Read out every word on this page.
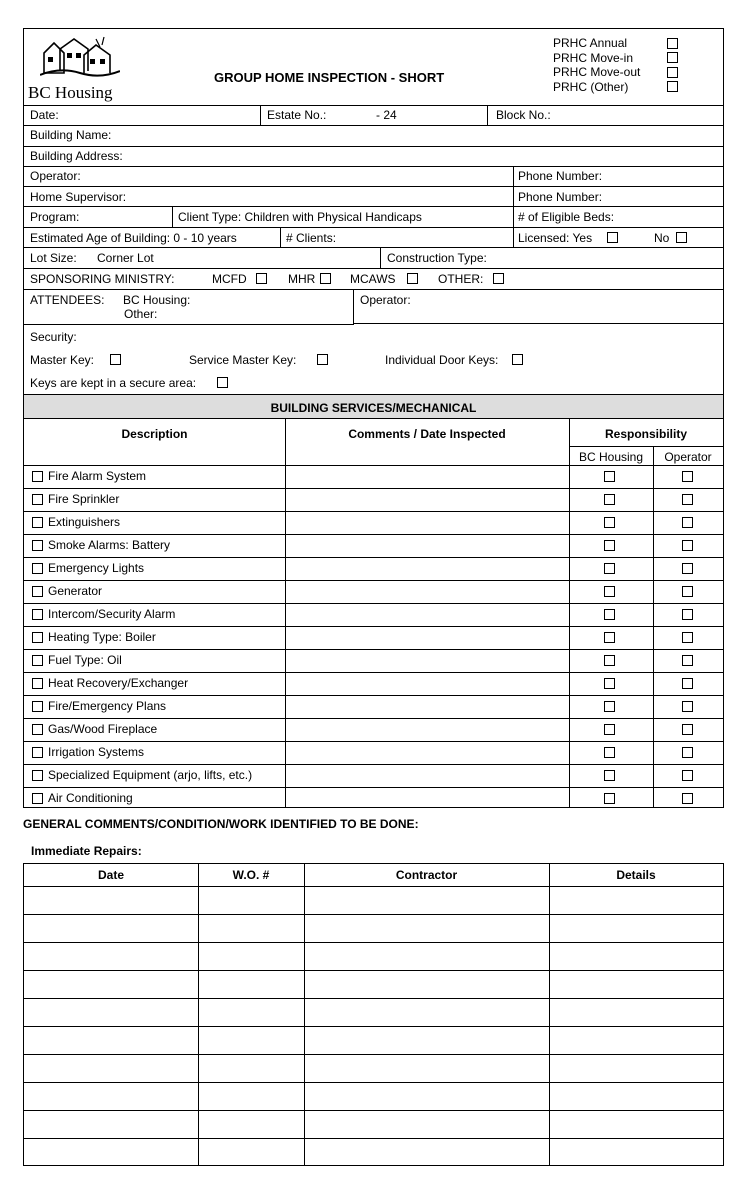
BC Housing
GROUP HOME INSPECTION - SHORT
PRHC Annual
PRHC Move-in
PRHC Move-out
PRHC (Other)
Date:	Estate No.:	- 24	Block No.:
Building Name:
Building Address:
Operator:	Phone Number:
Home Supervisor:	Phone Number:
Program:	Client Type: Children with Physical Handicaps	# of Eligible Beds:
Estimated Age of Building: 0 - 10 years	# Clients:	Licensed: Yes	No
Lot Size: Corner Lot	Construction Type:
SPONSORING MINISTRY:	MCFD	MHR	MCAWS	OTHER:
ATTENDEES: BC Housing:
Other:
Operator:
Security:
Master Key:	Service Master Key:	Individual Door Keys:
Keys are kept in a secure area:
BUILDING SERVICES/MECHANICAL
Description	Comments / Date Inspected	Responsibility
BC Housing	Operator
Fire Alarm System
Fire Sprinkler
Extinguishers
Smoke Alarms: Battery
Emergency Lights
Generator
Intercom/Security Alarm
Heating Type: Boiler
Fuel Type: Oil
Heat Recovery/Exchanger
Fire/Emergency Plans
Gas/Wood Fireplace
Irrigation Systems
Specialized Equipment (arjo, lifts, etc.)
Air Conditioning
GENERAL COMMENTS/CONDITION/WORK IDENTIFIED TO BE DONE:
Immediate Repairs:
Date	W.O. #	Contractor	Details
